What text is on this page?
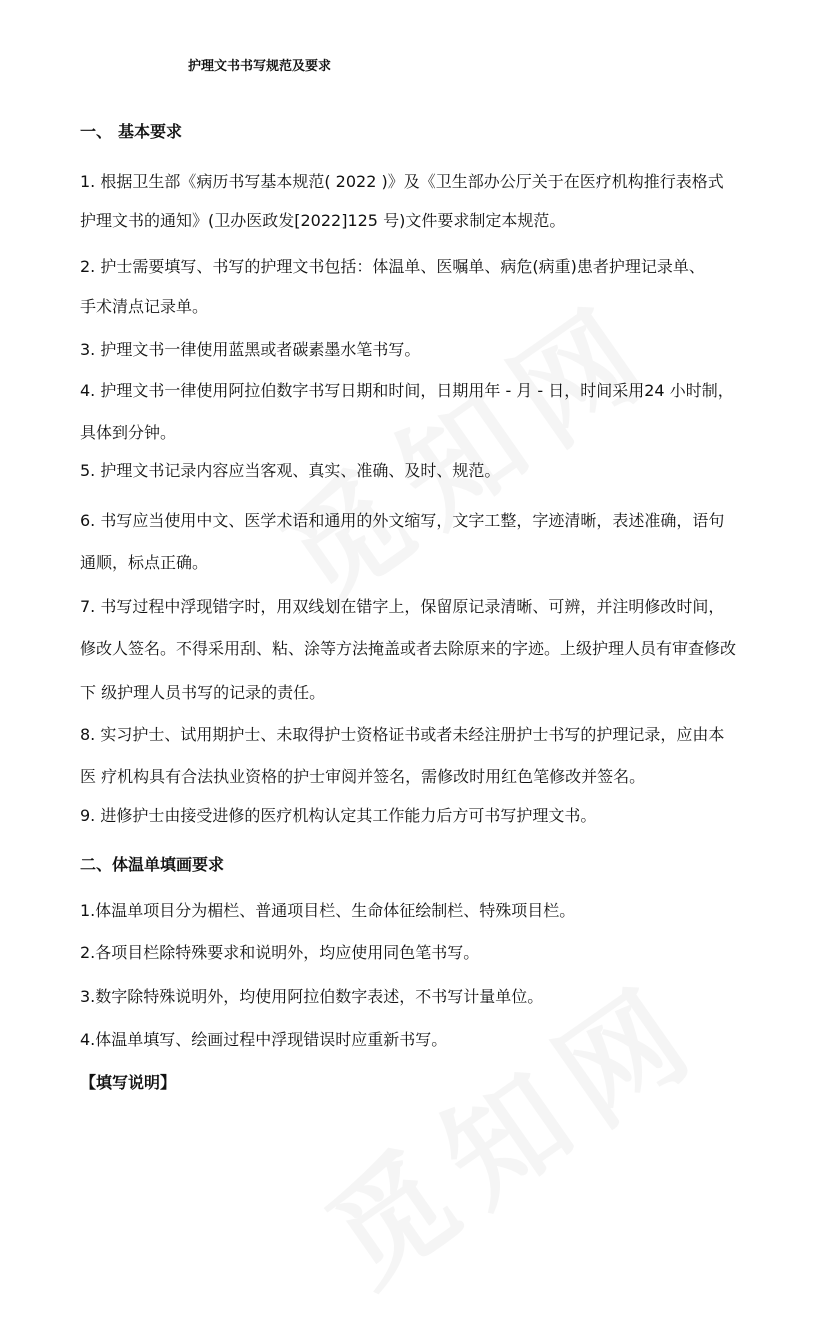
护理文书书写规范及要求
一、 基本要求
1. 根据卫生部《病历书写基本规范( 2022 )》及《卫生部办公厅关于在医疗机构推行表格式
护理文书的通知》(卫办医政发[2022]125 号)文件要求制定本规范。
2. 护士需要填写、书写的护理文书包括：体温单、医嘱单、病危(病重)患者护理记录单、
手术清点记录单。
3. 护理文书一律使用蓝黑或者碳素墨水笔书写。
4. 护理文书一律使用阿拉伯数字书写日期和时间，日期用年 - 月 - 日，时间采用24 小时制，
具体到分钟。
5. 护理文书记录内容应当客观、真实、准确、及时、规范。
6. 书写应当使用中文、医学术语和通用的外文缩写，文字工整，字迹清晰，表述准确，语句
通顺，标点正确。
7. 书写过程中浮现错字时，用双线划在错字上，保留原记录清晰、可辨，并注明修改时间，
修改人签名。不得采用刮、粘、涂等方法掩盖或者去除原来的字迹。上级护理人员有审查修改
下 级护理人员书写的记录的责任。
8. 实习护士、试用期护士、未取得护士资格证书或者未经注册护士书写的护理记录，应由本
医 疗机构具有合法执业资格的护士审阅并签名，需修改时用红色笔修改并签名。
9. 进修护士由接受进修的医疗机构认定其工作能力后方可书写护理文书。
二、体温单填画要求
1.体温单项目分为楣栏、普通项目栏、生命体征绘制栏、特殊项目栏。
2.各项目栏除特殊要求和说明外，均应使用同色笔书写。
3.数字除特殊说明外，均使用阿拉伯数字表述，不书写计量单位。
4.体温单填写、绘画过程中浮现错误时应重新书写。
【填写说明】
